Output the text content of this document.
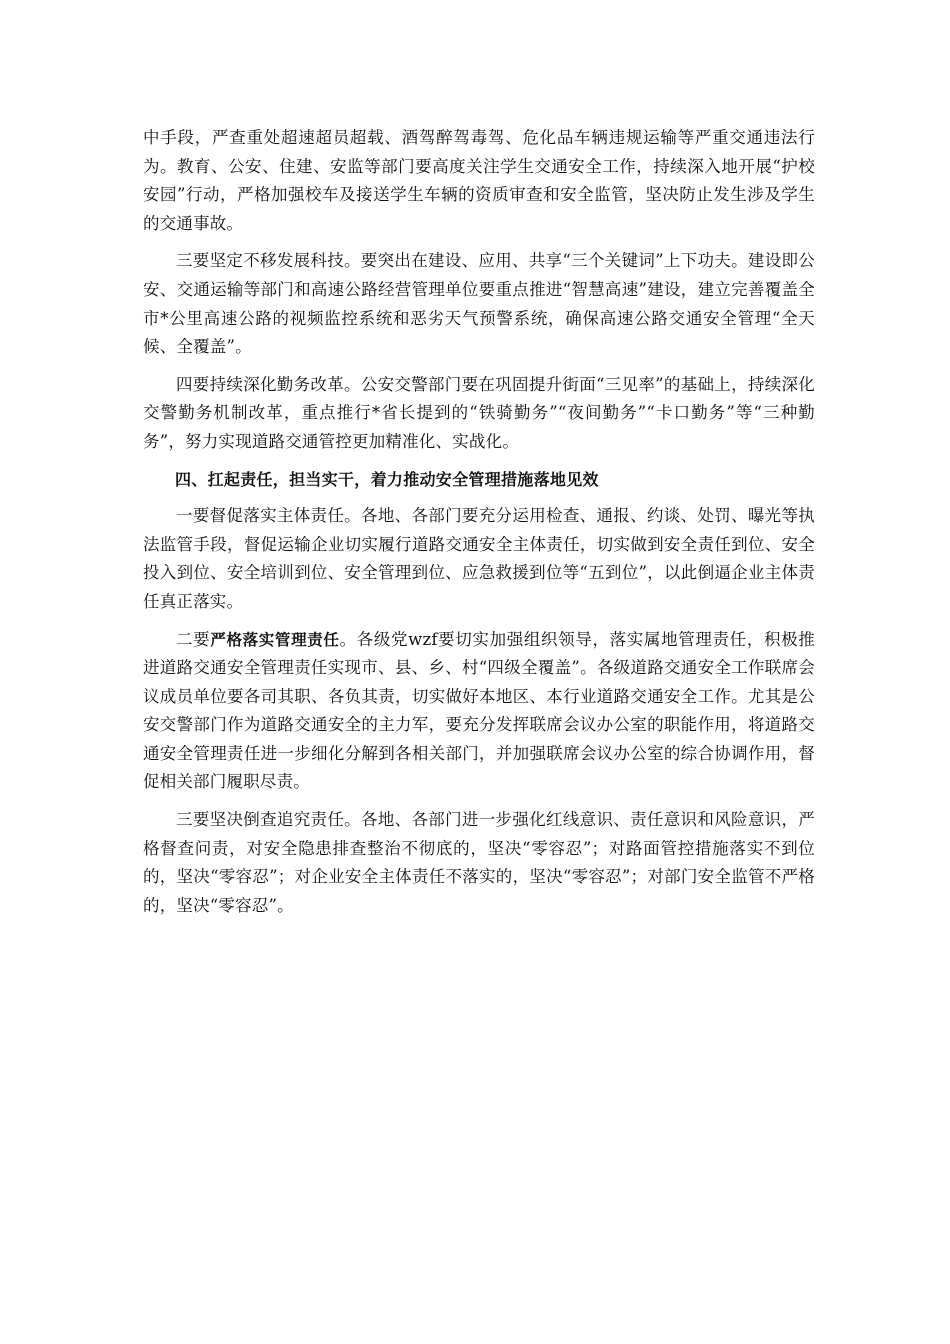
中手段，严查重处超速超员超载、酒驾醉驾毒驾、危化品车辆违规运输等严重交通违法行为。教育、公安、住建、安监等部门要高度关注学生交通安全工作，持续深入地开展“护校安园”行动，严格加强校车及接送学生车辆的资质审查和安全监管，坚决防止发生涉及学生的交通事故。

三要坚定不移发展科技。要突出在建设、应用、共享“三个关键词”上下功夫。建设即公安、交通运输等部门和高速公路经营管理单位要重点推进“智慧高速”建设，建立完善覆盖全市*公里高速公路的视频监控系统和恶劣天气预警系统，确保高速公路交通安全管理“全天候、全覆盖”。

四要持续深化勤务改革。公安交警部门要在巩固提升街面“三见率”的基础上，持续深化交警勤务机制改革，重点推行*省长提到的“铁骑勤务”“夜间勤务”“卡口勤务”等“三种勤务”，努力实现道路交通管控更加精准化、实战化。

四、扛起责任，担当实干，着力推动安全管理措施落地见效

一要督促落实主体责任。各地、各部门要充分运用检查、通报、约谈、处罚、曝光等执法监管手段，督促运输企业切实履行道路交通安全主体责任，切实做到安全责任到位、安全投入到位、安全培训到位、安全管理到位、应急救援到位等“五到位”，以此倒逼企业主体责任真正落实。

二要严格落实管理责任。各级党wzf要切实加强组织领导，落实属地管理责任，积极推进道路交通安全管理责任实现市、县、乡、村“四级全覆盖”。各级道路交通安全工作联席会议成员单位要各司其职、各负其责，切实做好本地区、本行业道路交通安全工作。尤其是公安交警部门作为道路交通安全的主力军，要充分发挥联席会议办公室的职能作用，将道路交通安全管理责任进一步细化分解到各相关部门，并加强联席会议办公室的综合协调作用，督促相关部门履职尽责。

三要坚决倒查追究责任。各地、各部门进一步强化红线意识、责任意识和风险意识，严格督查问责，对安全隐患排查整治不彻底的，坚决“零容忍”；对路面管控措施落实不到位的，坚决“零容忍”；对企业安全主体责任不落实的，坚决“零容忍”；对部门安全监管不严格的，坚决“零容忍”。
